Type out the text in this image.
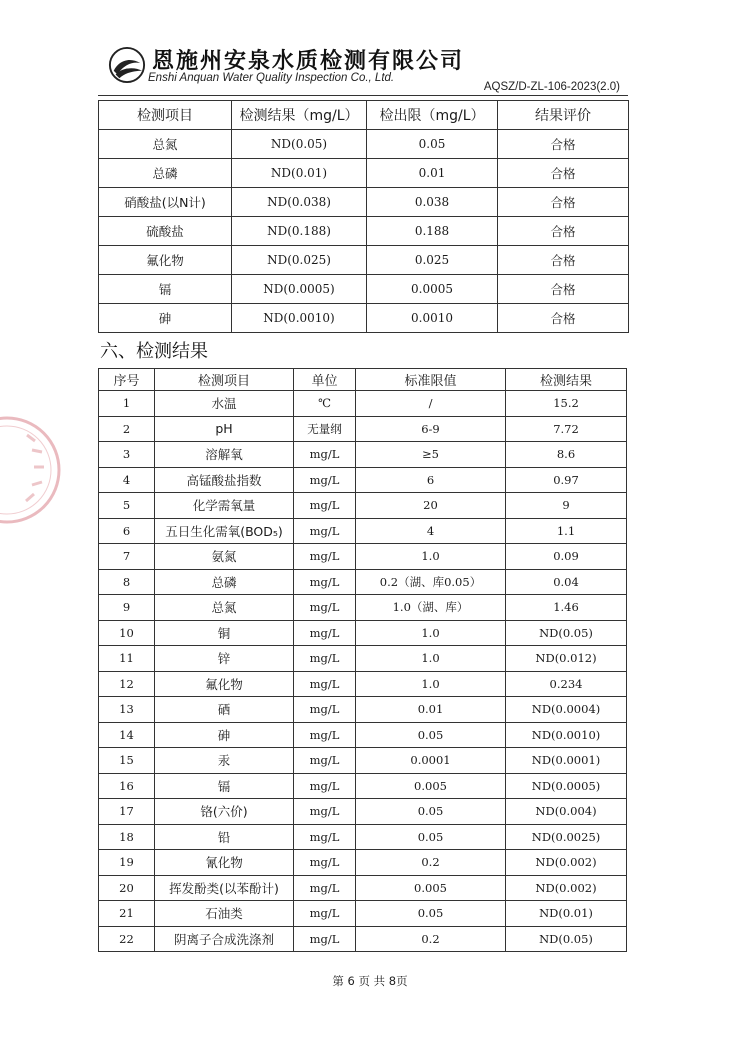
恩施州安泉水质检测有限公司
Enshi Anquan Water Quality Inspection Co., Ltd.
AQSZ/D-ZL-106-2023(2.0)
检测项目	检测结果（mg/L）	检出限（mg/L）	结果评价
总氮	ND(0.05)	0.05	合格
总磷	ND(0.01)	0.01	合格
硝酸盐(以N计)	ND(0.038)	0.038	合格
硫酸盐	ND(0.188)	0.188	合格
氟化物	ND(0.025)	0.025	合格
镉	ND(0.0005)	0.0005	合格
砷	ND(0.0010)	0.0010	合格
六、检测结果
序号	检测项目	单位	标准限值	检测结果
1	水温	℃	/	15.2
2	pH	无量纲	6-9	7.72
3	溶解氧	mg/L	≥5	8.6
4	高锰酸盐指数	mg/L	6	0.97
5	化学需氧量	mg/L	20	9
6	五日生化需氧(BOD₅)	mg/L	4	1.1
7	氨氮	mg/L	1.0	0.09
8	总磷	mg/L	0.2（湖、库0.05）	0.04
9	总氮	mg/L	1.0（湖、库）	1.46
10	铜	mg/L	1.0	ND(0.05)
11	锌	mg/L	1.0	ND(0.012)
12	氟化物	mg/L	1.0	0.234
13	硒	mg/L	0.01	ND(0.0004)
14	砷	mg/L	0.05	ND(0.0010)
15	汞	mg/L	0.0001	ND(0.0001)
16	镉	mg/L	0.005	ND(0.0005)
17	铬(六价)	mg/L	0.05	ND(0.004)
18	铅	mg/L	0.05	ND(0.0025)
19	氰化物	mg/L	0.2	ND(0.002)
20	挥发酚类(以苯酚计)	mg/L	0.005	ND(0.002)
21	石油类	mg/L	0.05	ND(0.01)
22	阴离子合成洗涤剂	mg/L	0.2	ND(0.05)
第 6 页 共 8页
